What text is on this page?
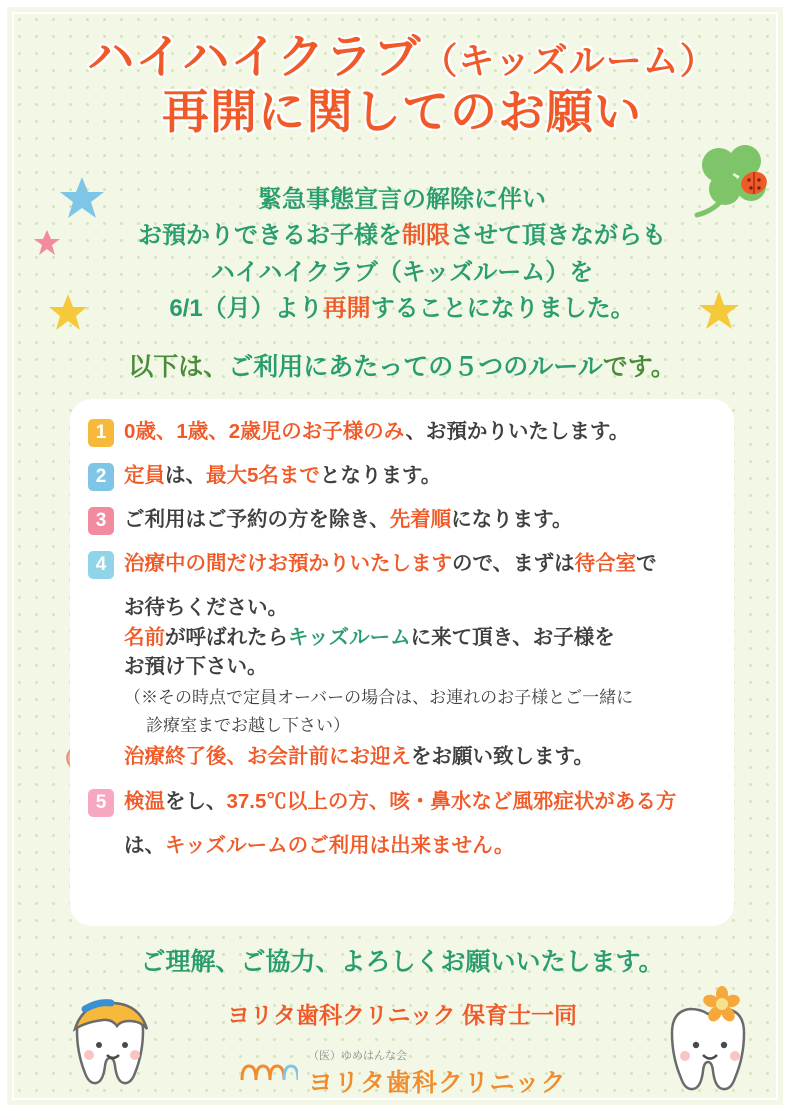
ハイハイクラブ（キッズルーム）
再開に関してのお願い
緊急事態宣言の解除に伴い
お預かりできるお子様を制限させて頂きながらも
ハイハイクラブ（キッズルーム）を
6/1（月）より再開することになりました。
以下は、ご利用にあたっての５つのルールです。
1 0歳、1歳、2歳児のお子様のみ、お預かりいたします。
2 定員は、最大5名までとなります。
3 ご利用はご予約の方を除き、先着順になります。
4 治療中の間だけお預かりいたしますので、まずは待合室で
お待ちください。
名前が呼ばれたらキッズルームに来て頂き、お子様を
お預け下さい。
（※その時点で定員オーバーの場合は、お連れのお子様とご一緒に
診療室までお越し下さい）
治療終了後、お会計前にお迎えをお願い致します。
5 検温をし、37.5℃以上の方、咳・鼻水など風邪症状がある方
は、キッズルームのご利用は出来ません。
ご理解、ご協力、よろしくお願いいたします。
ヨリタ歯科クリニック 保育士一同

（医）ゆめはんな会
ヨリタ歯科クリニック
